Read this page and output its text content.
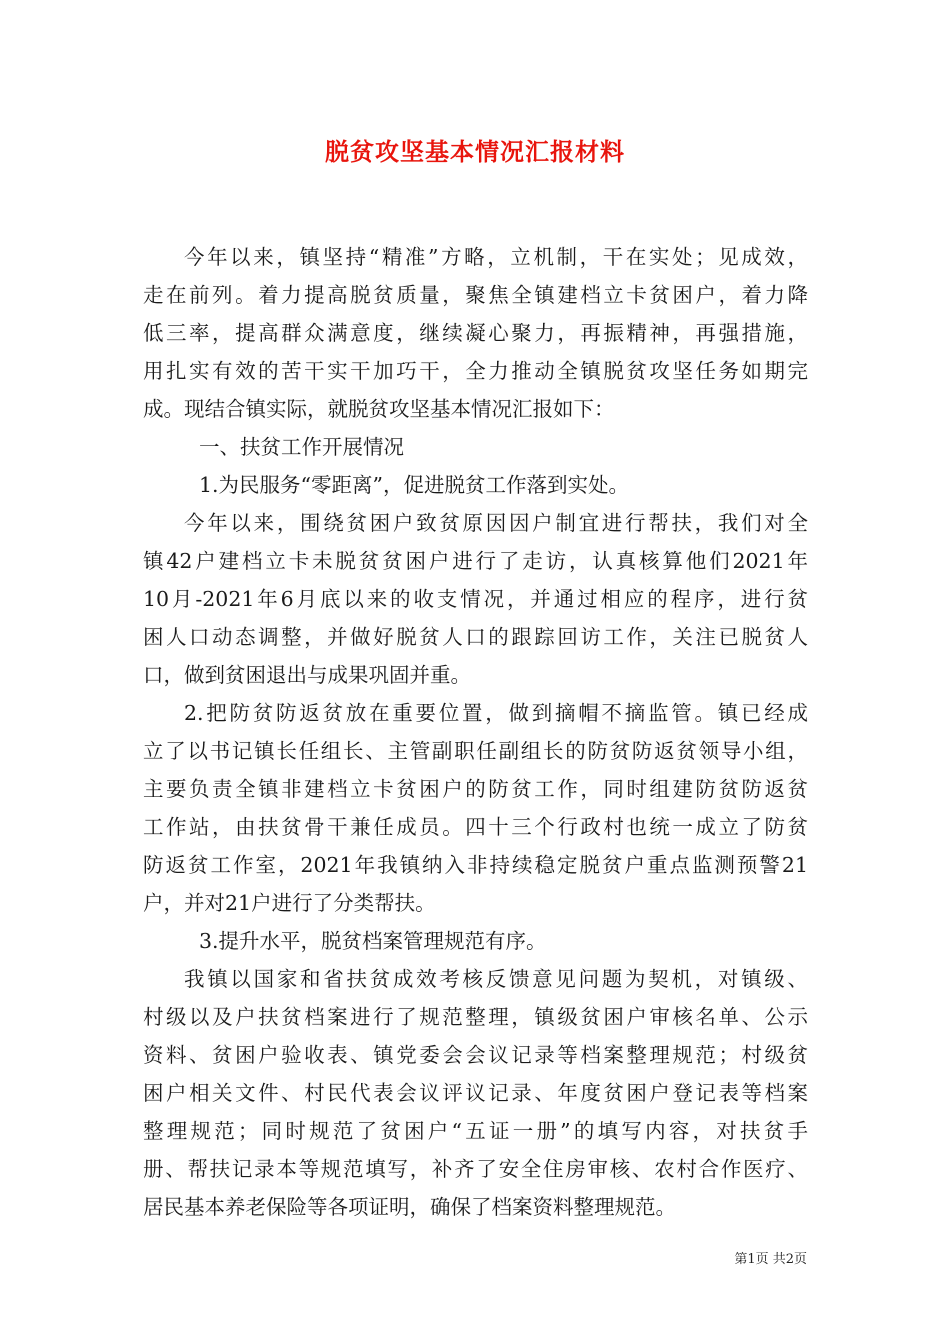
脱贫攻坚基本情况汇报材料
今年以来，镇坚持“精准”方略，立机制，干在实处；见成效，
走在前列。着力提高脱贫质量，聚焦全镇建档立卡贫困户，着力降
低三率，提高群众满意度，继续凝心聚力，再振精神，再强措施，
用扎实有效的苦干实干加巧干，全力推动全镇脱贫攻坚任务如期完
成。现结合镇实际，就脱贫攻坚基本情况汇报如下：
一、扶贫工作开展情况
1.为民服务“零距离”，促进脱贫工作落到实处。
今年以来，围绕贫困户致贫原因因户制宜进行帮扶，我们对全
镇42户建档立卡未脱贫贫困户进行了走访，认真核算他们2021年
10月-2021年6月底以来的收支情况，并通过相应的程序，进行贫
困人口动态调整，并做好脱贫人口的跟踪回访工作，关注已脱贫人
口，做到贫困退出与成果巩固并重。
2.把防贫防返贫放在重要位置，做到摘帽不摘监管。镇已经成
立了以书记镇长任组长、主管副职任副组长的防贫防返贫领导小组，
主要负责全镇非建档立卡贫困户的防贫工作，同时组建防贫防返贫
工作站，由扶贫骨干兼任成员。四十三个行政村也统一成立了防贫
防返贫工作室，2021年我镇纳入非持续稳定脱贫户重点监测预警21
户，并对21户进行了分类帮扶。
3.提升水平，脱贫档案管理规范有序。
我镇以国家和省扶贫成效考核反馈意见问题为契机，对镇级、
村级以及户扶贫档案进行了规范整理，镇级贫困户审核名单、公示
资料、贫困户验收表、镇党委会会议记录等档案整理规范；村级贫
困户相关文件、村民代表会议评议记录、年度贫困户登记表等档案
整理规范；同时规范了贫困户“五证一册”的填写内容，对扶贫手
册、帮扶记录本等规范填写，补齐了安全住房审核、农村合作医疗、
居民基本养老保险等各项证明，确保了档案资料整理规范。
第1页 共2页
